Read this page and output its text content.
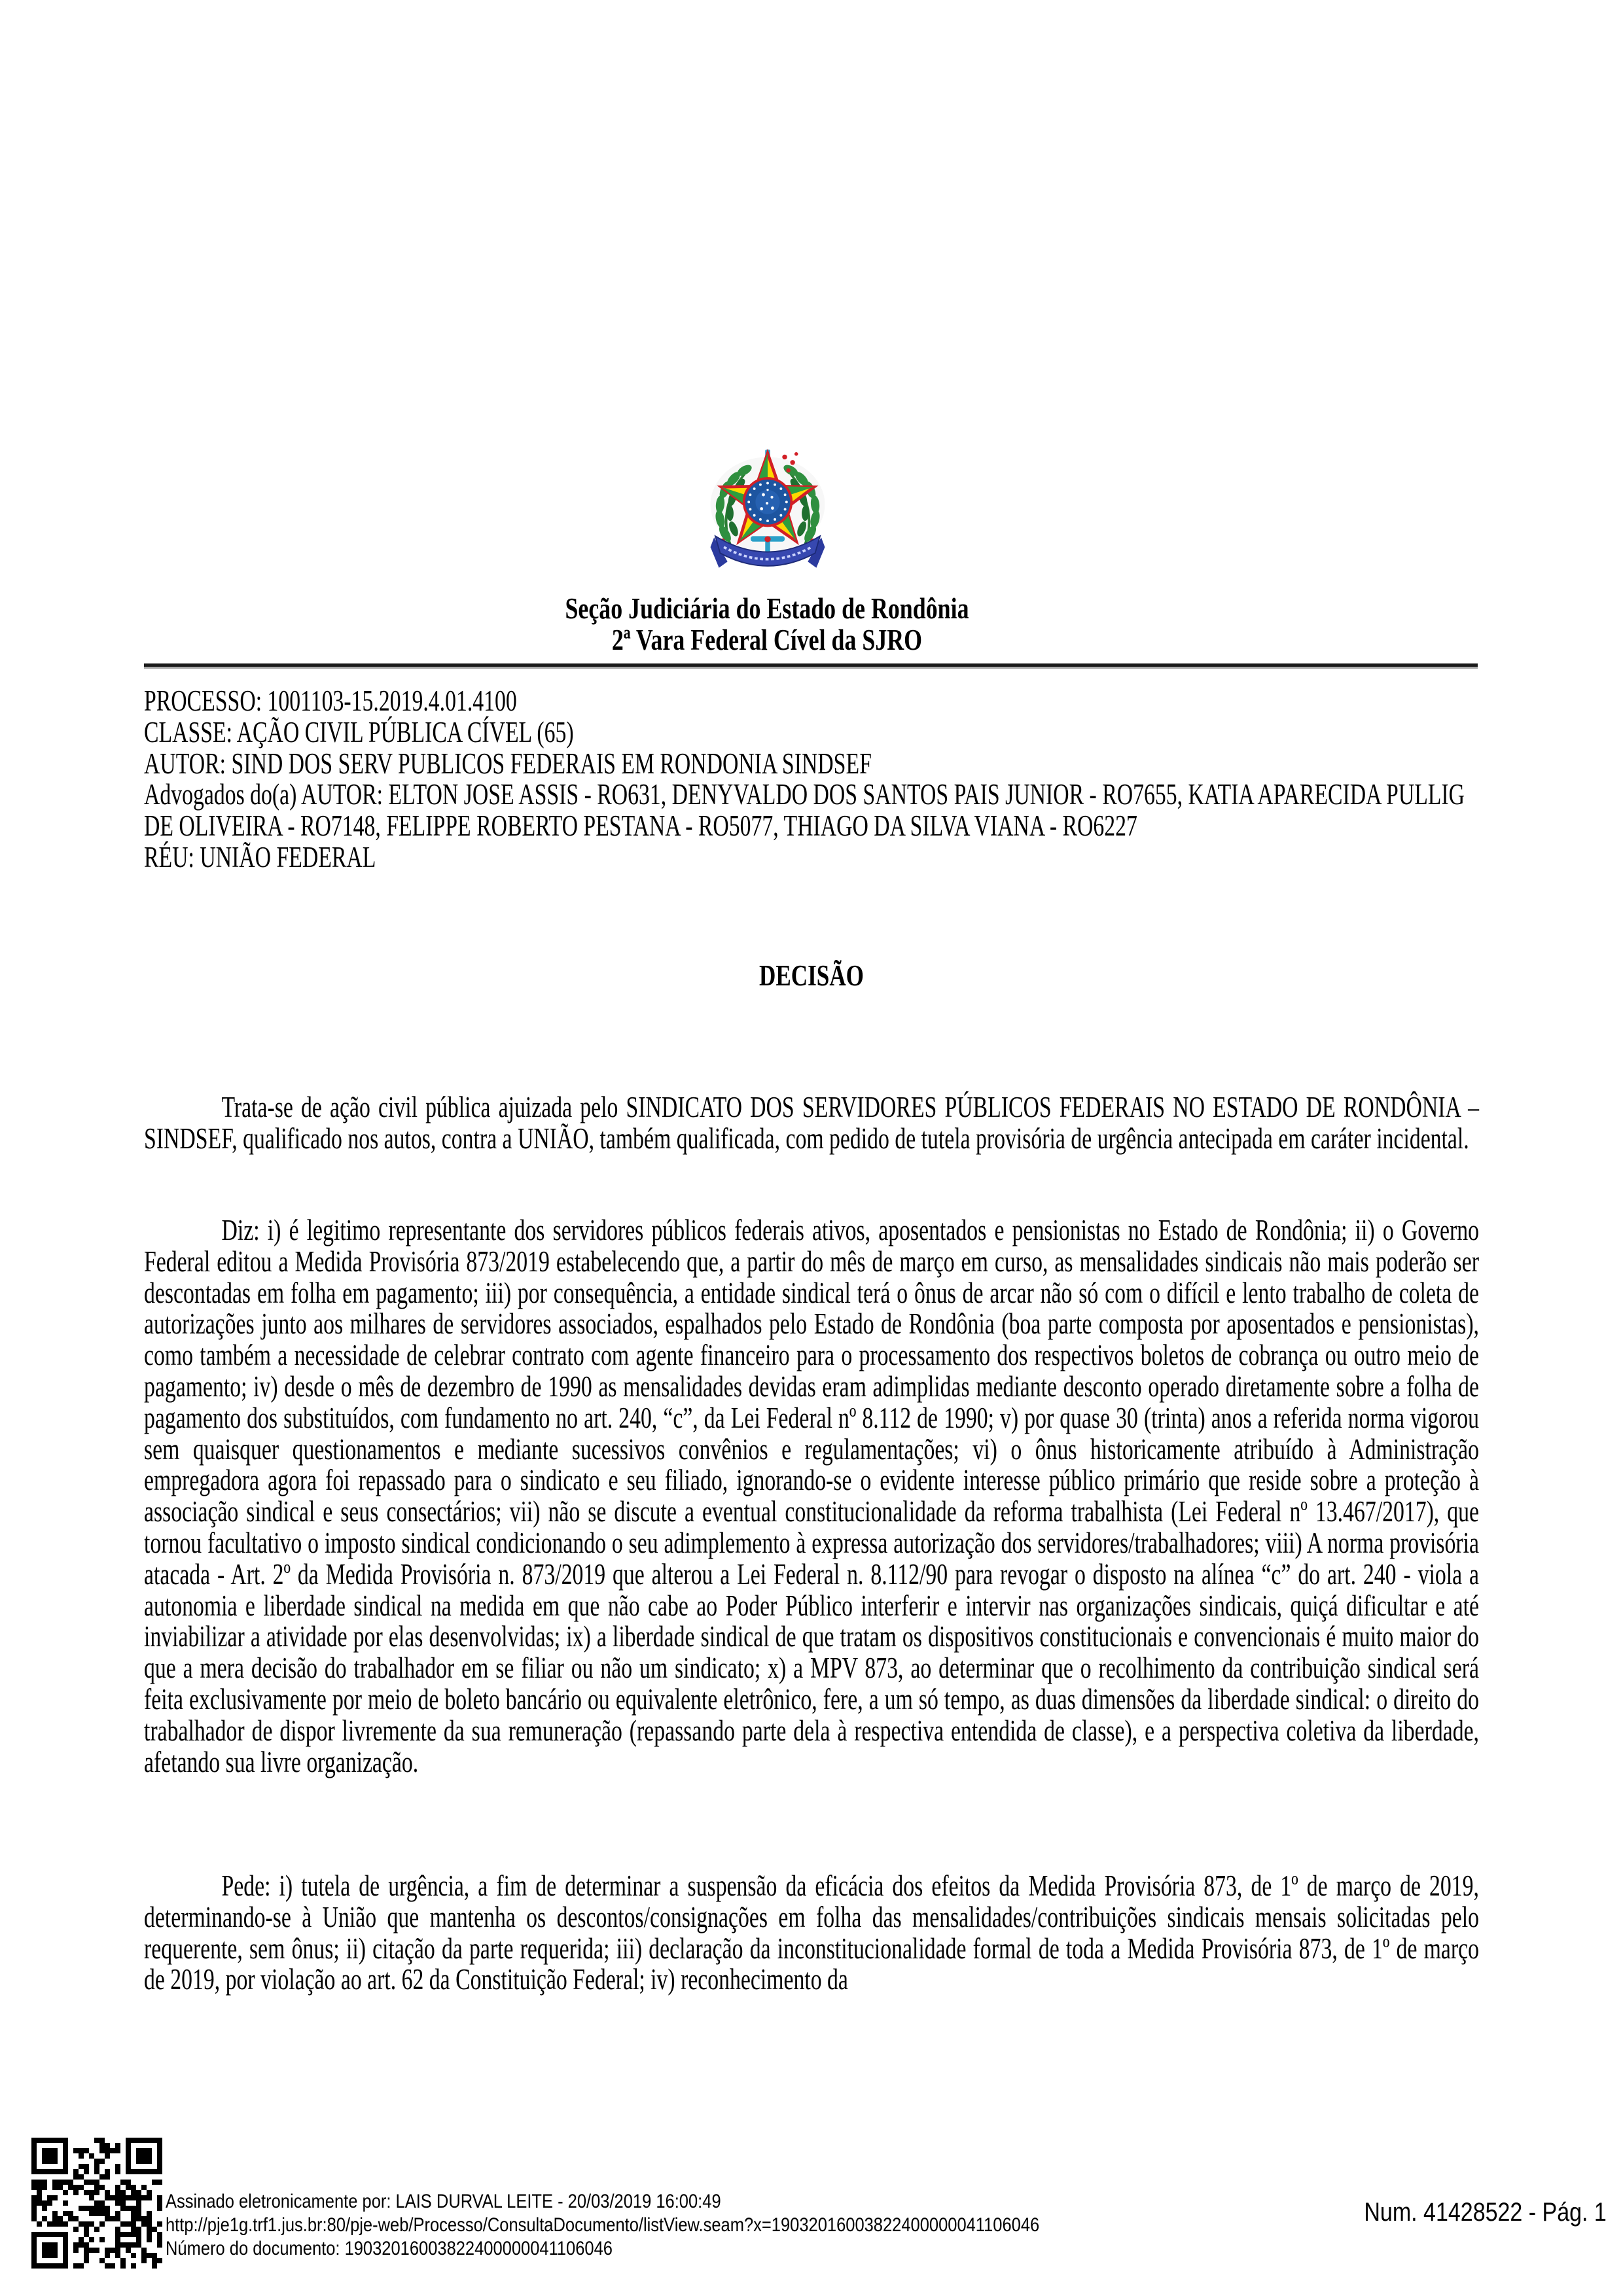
Seção Judiciária do Estado de Rondônia
2ª Vara Federal Cível da SJRO
PROCESSO: 1001103-15.2019.4.01.4100
CLASSE: AÇÃO CIVIL PÚBLICA CÍVEL (65)
AUTOR: SIND DOS SERV PUBLICOS FEDERAIS EM RONDONIA SINDSEF
Advogados do(a) AUTOR: ELTON JOSE ASSIS - RO631, DENYVALDO DOS SANTOS PAIS JUNIOR - RO7655, KATIA APARECIDA PULLIG DE OLIVEIRA - RO7148, FELIPPE ROBERTO PESTANA - RO5077, THIAGO DA SILVA VIANA - RO6227
RÉU: UNIÃO FEDERAL
DECISÃO
Trata-se de ação civil pública ajuizada pelo SINDICATO DOS SERVIDORES PÚBLICOS FEDERAIS NO ESTADO DE RONDÔNIA – SINDSEF, qualificado nos autos, contra a UNIÃO, também qualificada, com pedido de tutela provisória de urgência antecipada em caráter incidental.
Diz: i) é legitimo representante dos servidores públicos federais ativos, aposentados e pensionistas no Estado de Rondônia; ii) o Governo Federal editou a Medida Provisória 873/2019 estabelecendo que, a partir do mês de março em curso, as mensalidades sindicais não mais poderão ser descontadas em folha em pagamento; iii) por consequência, a entidade sindical terá o ônus de arcar não só com o difícil e lento trabalho de coleta de autorizações junto aos milhares de servidores associados, espalhados pelo Estado de Rondônia (boa parte composta por aposentados e pensionistas), como também a necessidade de celebrar contrato com agente financeiro para o processamento dos respectivos boletos de cobrança ou outro meio de pagamento; iv) desde o mês de dezembro de 1990 as mensalidades devidas eram adimplidas mediante desconto operado diretamente sobre a folha de pagamento dos substituídos, com fundamento no art. 240, “c”, da Lei Federal nº 8.112 de 1990; v) por quase 30 (trinta) anos a referida norma vigorou sem quaisquer questionamentos e mediante sucessivos convênios e regulamentações; vi) o ônus historicamente atribuído à Administração empregadora agora foi repassado para o sindicato e seu filiado, ignorando-se o evidente interesse público primário que reside sobre a proteção à associação sindical e seus consectários; vii) não se discute a eventual constitucionalidade da reforma trabalhista (Lei Federal nº 13.467/2017), que tornou facultativo o imposto sindical condicionando o seu adimplemento à expressa autorização dos servidores/trabalhadores; viii) A norma provisória atacada - Art. 2º da Medida Provisória n. 873/2019 que alterou a Lei Federal n. 8.112/90 para revogar o disposto na alínea “c” do art. 240 - viola a autonomia e liberdade sindical na medida em que não cabe ao Poder Público interferir e intervir nas organizações sindicais, quiçá dificultar e até inviabilizar a atividade por elas desenvolvidas; ix) a liberdade sindical de que tratam os dispositivos constitucionais e convencionais é muito maior do que a mera decisão do trabalhador em se filiar ou não um sindicato; x) a MPV 873, ao determinar que o recolhimento da contribuição sindical será feita exclusivamente por meio de boleto bancário ou equivalente eletrônico, fere, a um só tempo, as duas dimensões da liberdade sindical: o direito do trabalhador de dispor livremente da sua remuneração (repassando parte dela à respectiva entendida de classe), e a perspectiva coletiva da liberdade, afetando sua livre organização.
Pede: i) tutela de urgência, a fim de determinar a suspensão da eficácia dos efeitos da Medida Provisória 873, de 1º de março de 2019, determinando-se à União que mantenha os descontos/consignações em folha das mensalidades/contribuições sindicais mensais solicitadas pelo requerente, sem ônus; ii) citação da parte requerida; iii) declaração da inconstitucionalidade formal de toda a Medida Provisória 873, de 1º de março de 2019, por violação ao art. 62 da Constituição Federal; iv) reconhecimento da
Assinado eletronicamente por: LAIS DURVAL LEITE - 20/03/2019 16:00:49
http://pje1g.trf1.jus.br:80/pje-web/Processo/ConsultaDocumento/listView.seam?x=19032016003822400000041106046
Número do documento: 19032016003822400000041106046
Num. 41428522 - Pág. 1
